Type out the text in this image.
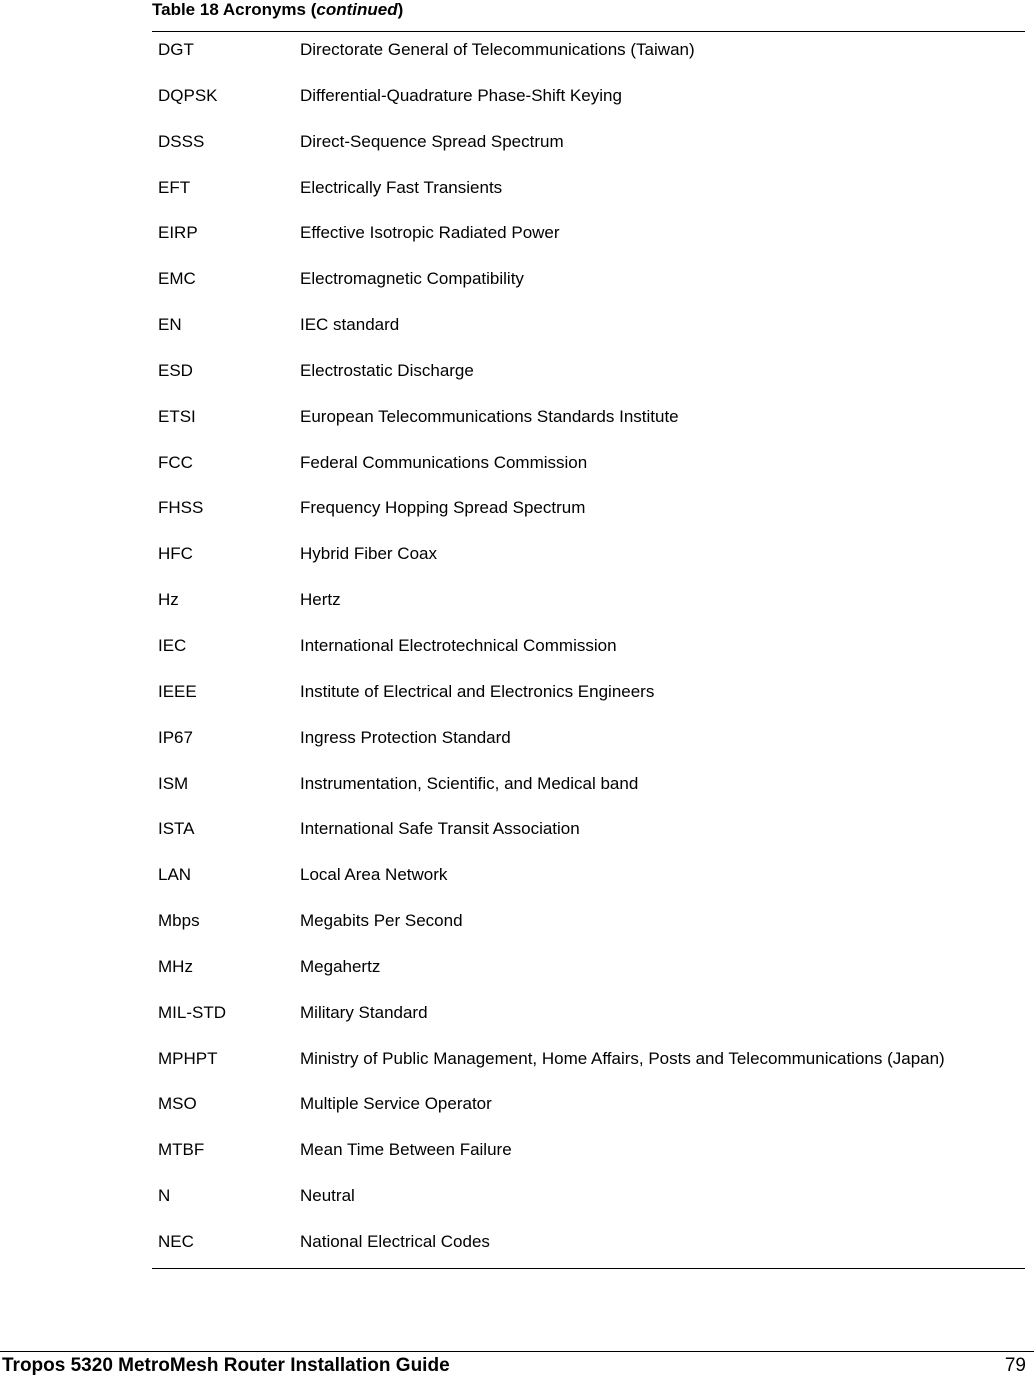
Table 18 Acronyms (continued)
DGT	Directorate General of Telecommunications (Taiwan)
DQPSK	Differential-Quadrature Phase-Shift Keying
DSSS	Direct-Sequence Spread Spectrum
EFT	Electrically Fast Transients
EIRP	Effective Isotropic Radiated Power
EMC	Electromagnetic Compatibility
EN	IEC standard
ESD	Electrostatic Discharge
ETSI	European Telecommunications Standards Institute
FCC	Federal Communications Commission
FHSS	Frequency Hopping Spread Spectrum
HFC	Hybrid Fiber Coax
Hz	Hertz
IEC	International Electrotechnical Commission
IEEE	Institute of Electrical and Electronics Engineers
IP67	Ingress Protection Standard
ISM	Instrumentation, Scientific, and Medical band
ISTA	International Safe Transit Association
LAN	Local Area Network
Mbps	Megabits Per Second
MHz	Megahertz
MIL-STD	Military Standard
MPHPT	Ministry of Public Management, Home Affairs, Posts and Telecommunications (Japan)
MSO	Multiple Service Operator
MTBF	Mean Time Between Failure
N	Neutral
NEC	National Electrical Codes
Tropos 5320 MetroMesh Router Installation Guide	79
